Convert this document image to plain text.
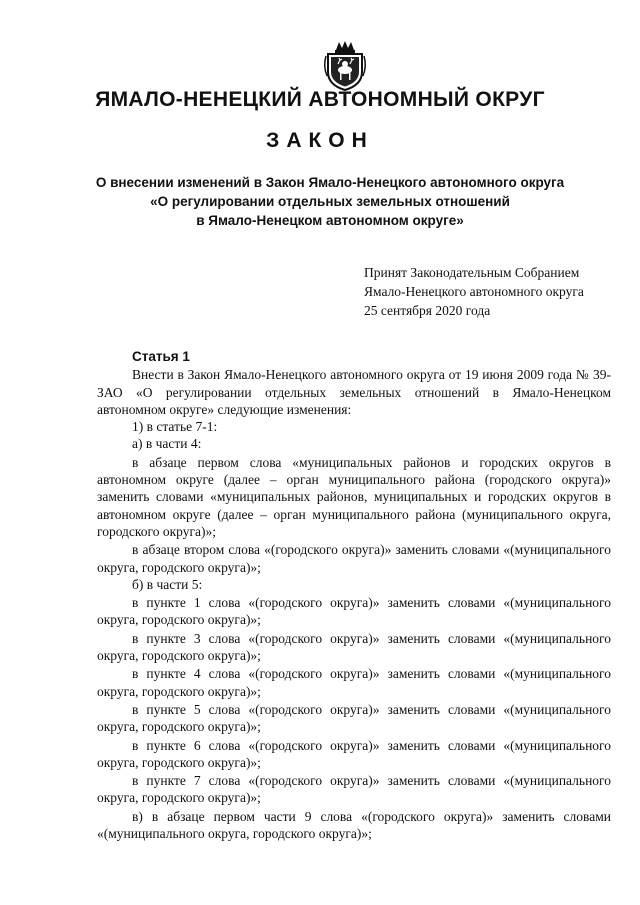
ЯМАЛО-НЕНЕЦКИЙ АВТОНОМНЫЙ ОКРУГ
ЗАКОН
О внесении изменений в Закон Ямало-Ненецкого автономного округа
«О регулировании отдельных земельных отношений
в Ямало-Ненецком автономном округе»
Принят Законодательным Собранием
Ямало-Ненецкого автономного округа
25 сентября 2020 года
Статья 1

Внести в Закон Ямало-Ненецкого автономного округа от 19 июня 2009 года № 39-ЗАО «О регулировании отдельных земельных отношений в Ямало-Ненецком автономном округе» следующие изменения:

1) в статье 7-1:

а) в части 4:

в абзаце первом слова «муниципальных районов и городских округов в автономном округе (далее – орган муниципального района (городского округа)» заменить словами «муниципальных районов, муниципальных и городских округов в автономном округе (далее – орган муниципального района (муниципального округа, городского округа)»;

в абзаце втором слова «(городского округа)» заменить словами «(муниципального округа, городского округа)»;

б) в части 5:

в пункте 1 слова «(городского округа)» заменить словами «(муниципального округа, городского округа)»;

в пункте 3 слова «(городского округа)» заменить словами «(муниципального округа, городского округа)»;

в пункте 4 слова «(городского округа)» заменить словами «(муниципального округа, городского округа)»;

в пункте 5 слова «(городского округа)» заменить словами «(муниципального округа, городского округа)»;

в пункте 6 слова «(городского округа)» заменить словами «(муниципального округа, городского округа)»;

в пункте 7 слова «(городского округа)» заменить словами «(муниципального округа, городского округа)»;

в) в абзаце первом части 9 слова «(городского округа)» заменить словами «(муниципального округа, городского округа)»;
